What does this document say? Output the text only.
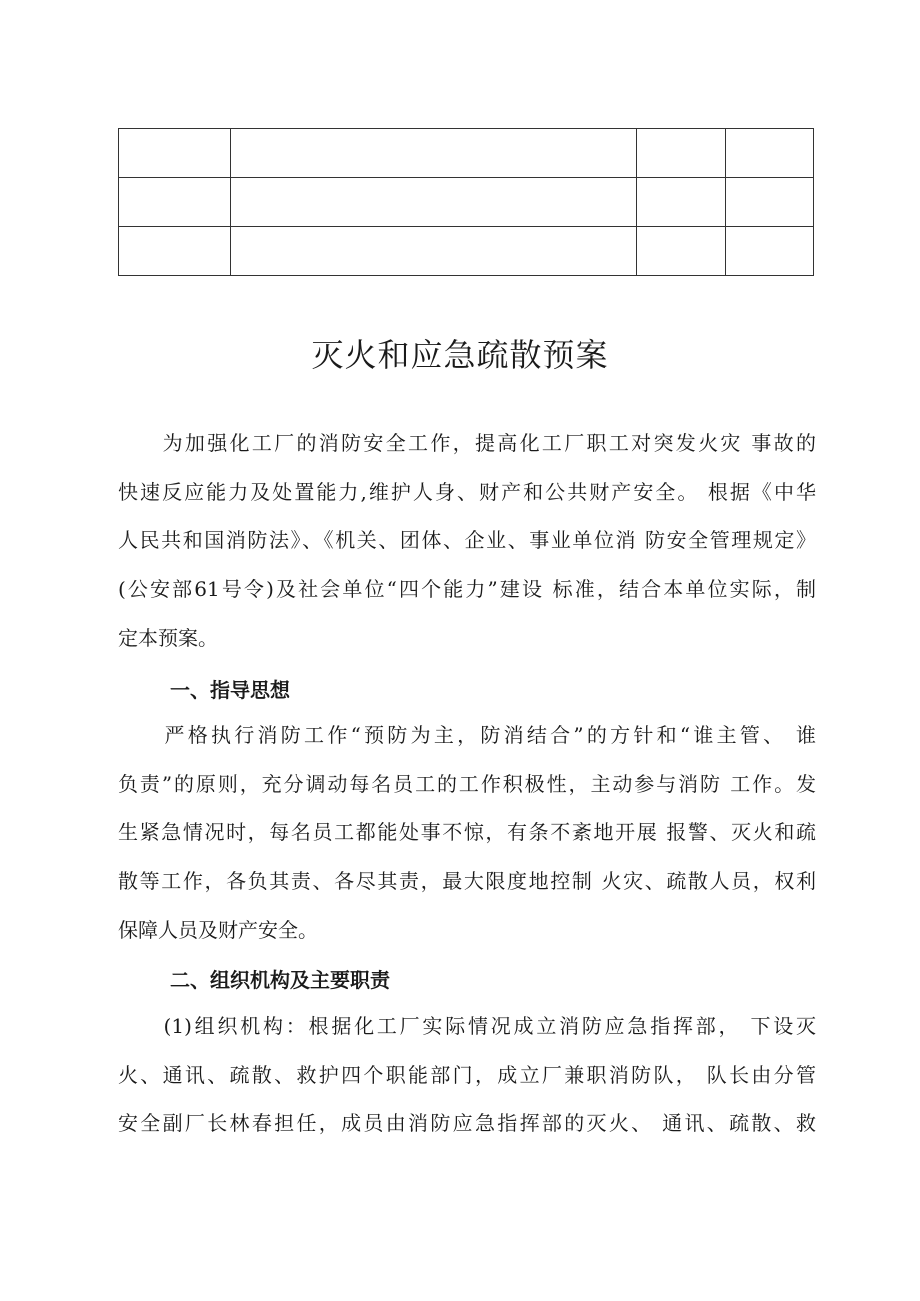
灭火和应急疏散预案
　　为加强化工厂的消防安全工作，提高化工厂职工对突发火灾 事故的
快速反应能力及处置能力,维护人身、财产和公共财产安全。 根据《中华
人民共和国消防法》、《机关、团体、企业、事业单位消 防安全管理规定》
(公安部61号令)及社会单位“四个能力”建设 标准，结合本单位实际，制
定本预案。
一、指导思想
　　严格执行消防工作“预防为主，防消结合”的方针和“谁主管、 谁
负责”的原则，充分调动每名员工的工作积极性，主动参与消防 工作。发
生紧急情况时，每名员工都能处事不惊，有条不紊地开展 报警、灭火和疏
散等工作，各负其责、各尽其责，最大限度地控制 火灾、疏散人员，权利
保障人员及财产安全。
二、组织机构及主要职责
　　(1)组织机构：根据化工厂实际情况成立消防应急指挥部， 下设灭
火、通讯、疏散、救护四个职能部门，成立厂兼职消防队， 队长由分管
安全副厂长林春担任，成员由消防应急指挥部的灭火、 通讯、疏散、救
